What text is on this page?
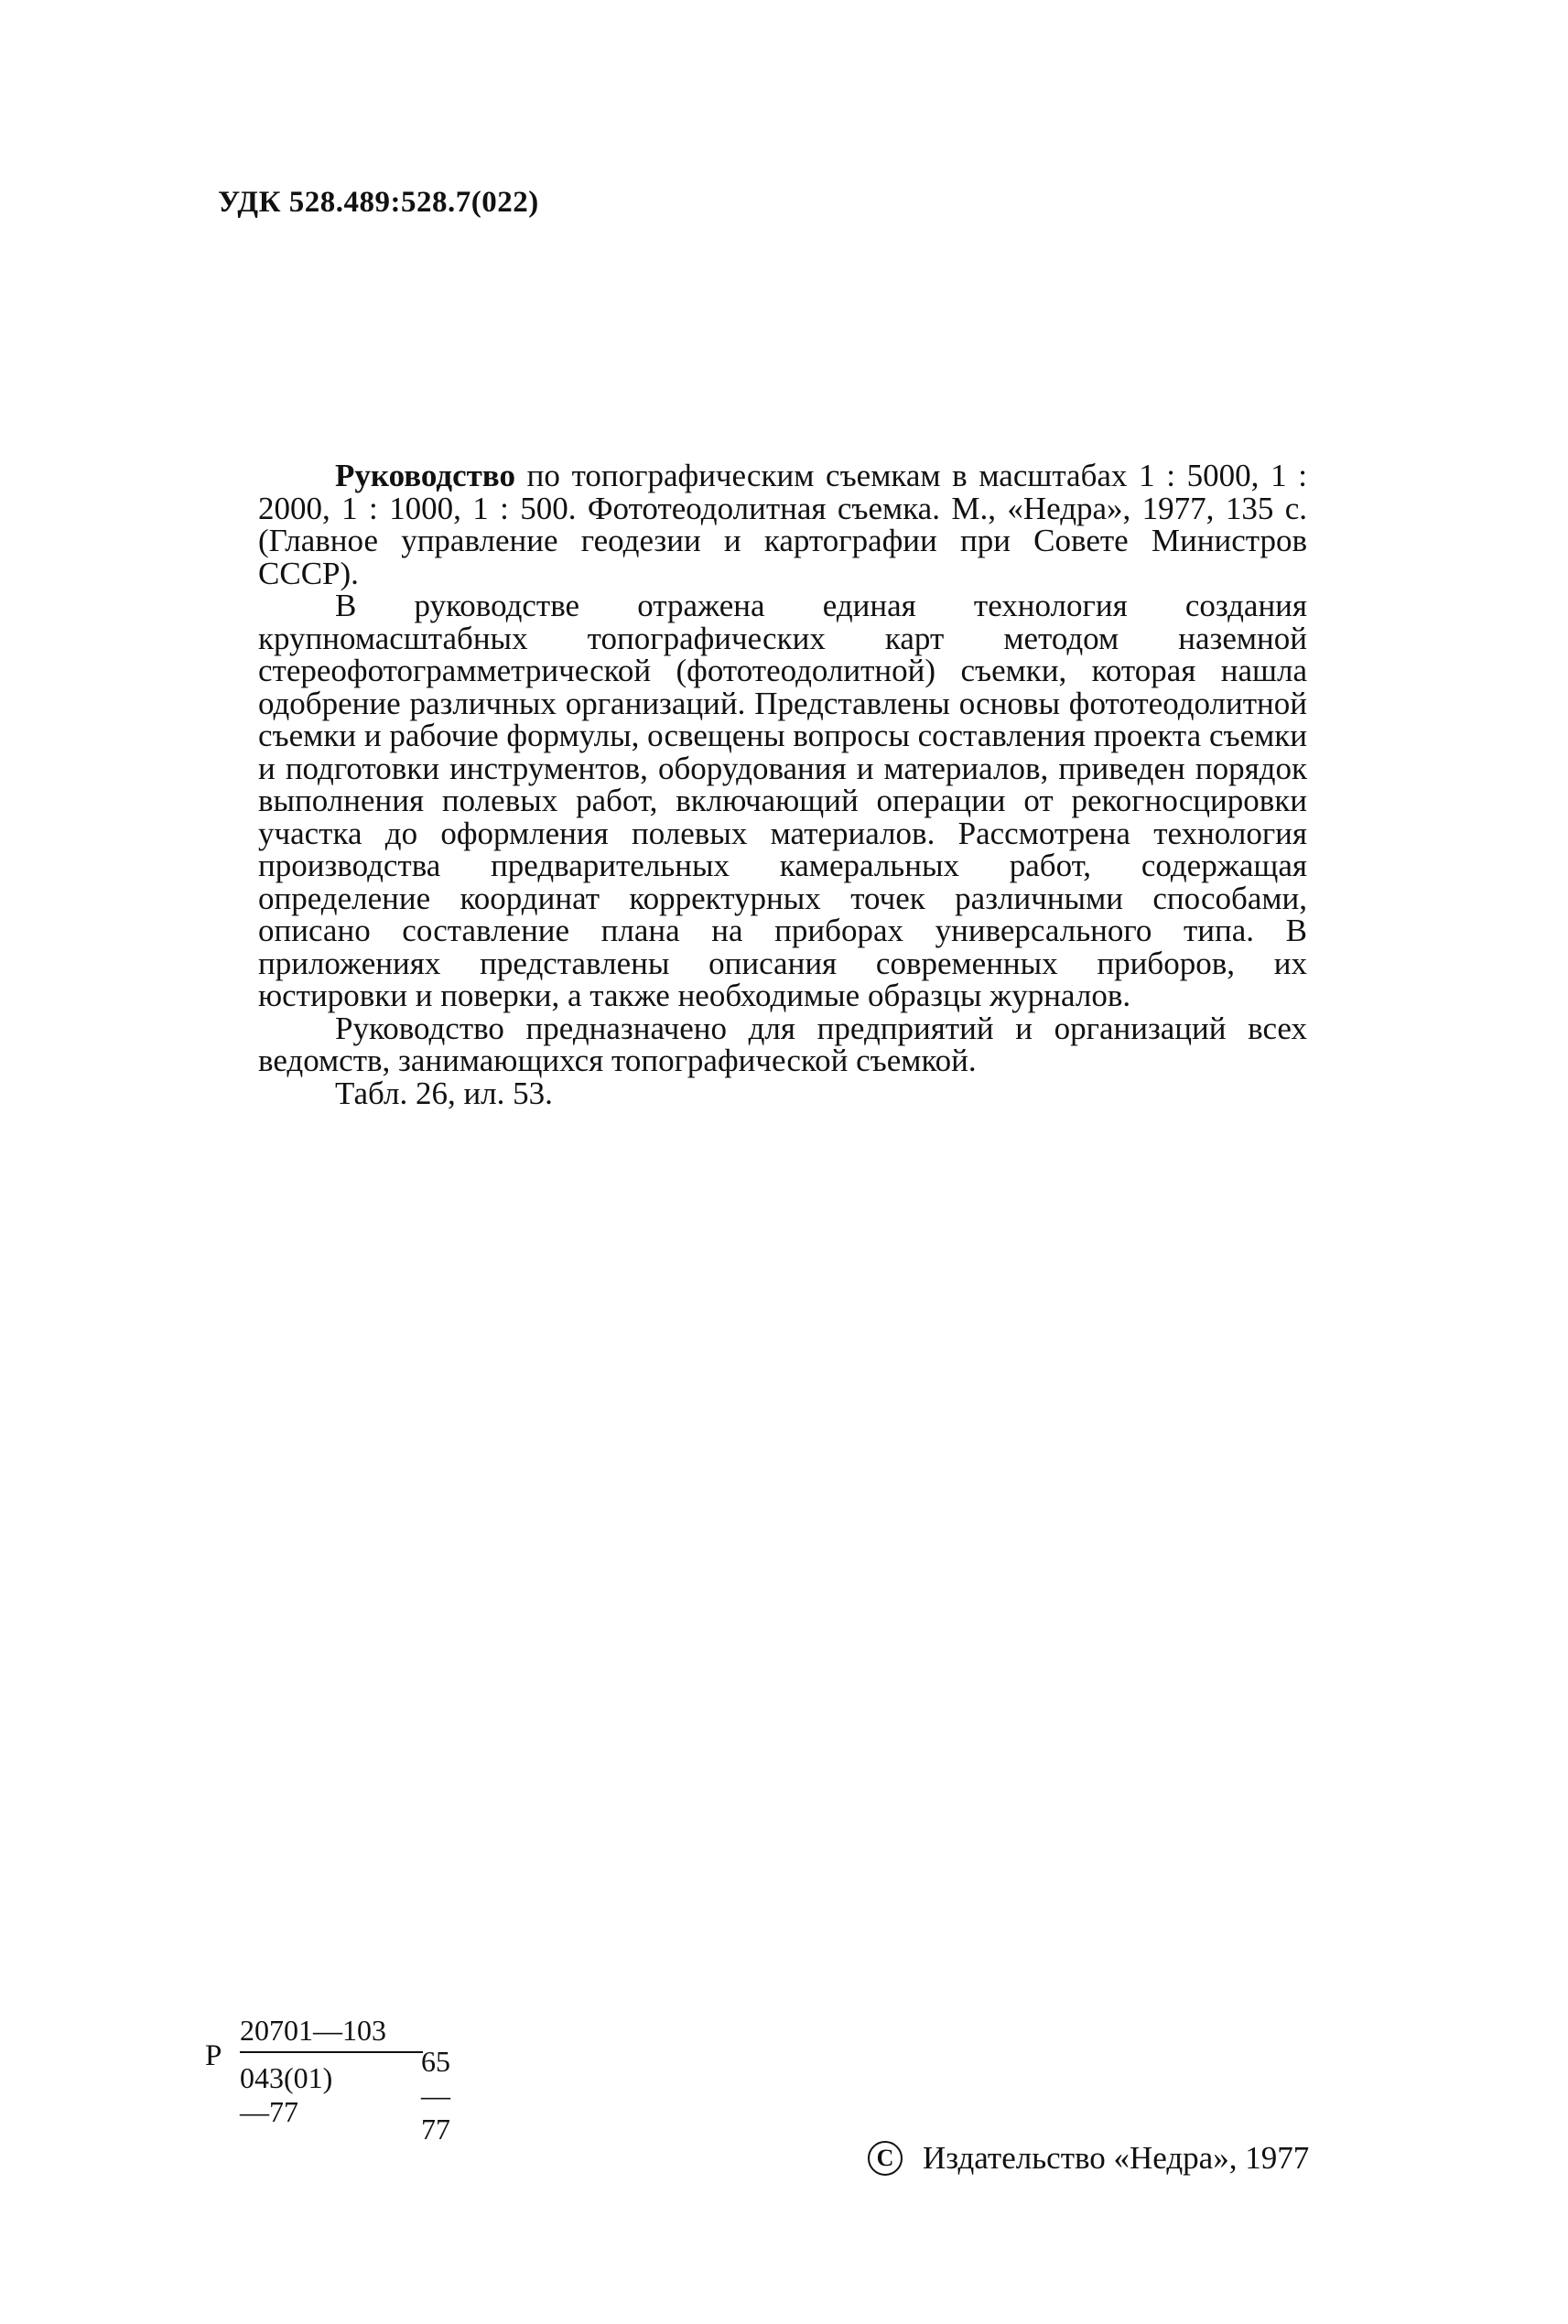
УДК 528.489:528.7(022)

Руководство по топографическим съемкам в масштабах 1 : 5000, 1 : 2000, 1 : 1000, 1 : 500. Фототеодолитная съемка. М., «Недра», 1977, 135 с. (Главное управление геодезии и картографии при Совете Министров СССР).

В руководстве отражена единая технология создания крупномасштабных топографических карт методом наземной стереофотограмметрической (фототеодолитной) съемки, которая нашла одобрение различных организаций. Представлены основы фототеодолитной съемки и рабочие формулы, освещены вопросы составления проекта съемки и подготовки инструментов, оборудования и материалов, приведен порядок выполнения полевых работ, включающий операции от рекогносцировки участка до оформления полевых материалов. Рассмотрена технология производства предварительных камеральных работ, содержащая определение координат корректурных точек различными способами, описано составление плана на приборах универсального типа. В приложениях представлены описания современных приборов, их юстировки и поверки, а также необходимые образцы журналов.

Руководство предназначено для предприятий и организаций всех ведомств, занимающихся топографической съемкой.

Табл. 26, ил. 53.

Р
20701—103
043(01)—77
65—77
C Издательство «Недра», 1977
